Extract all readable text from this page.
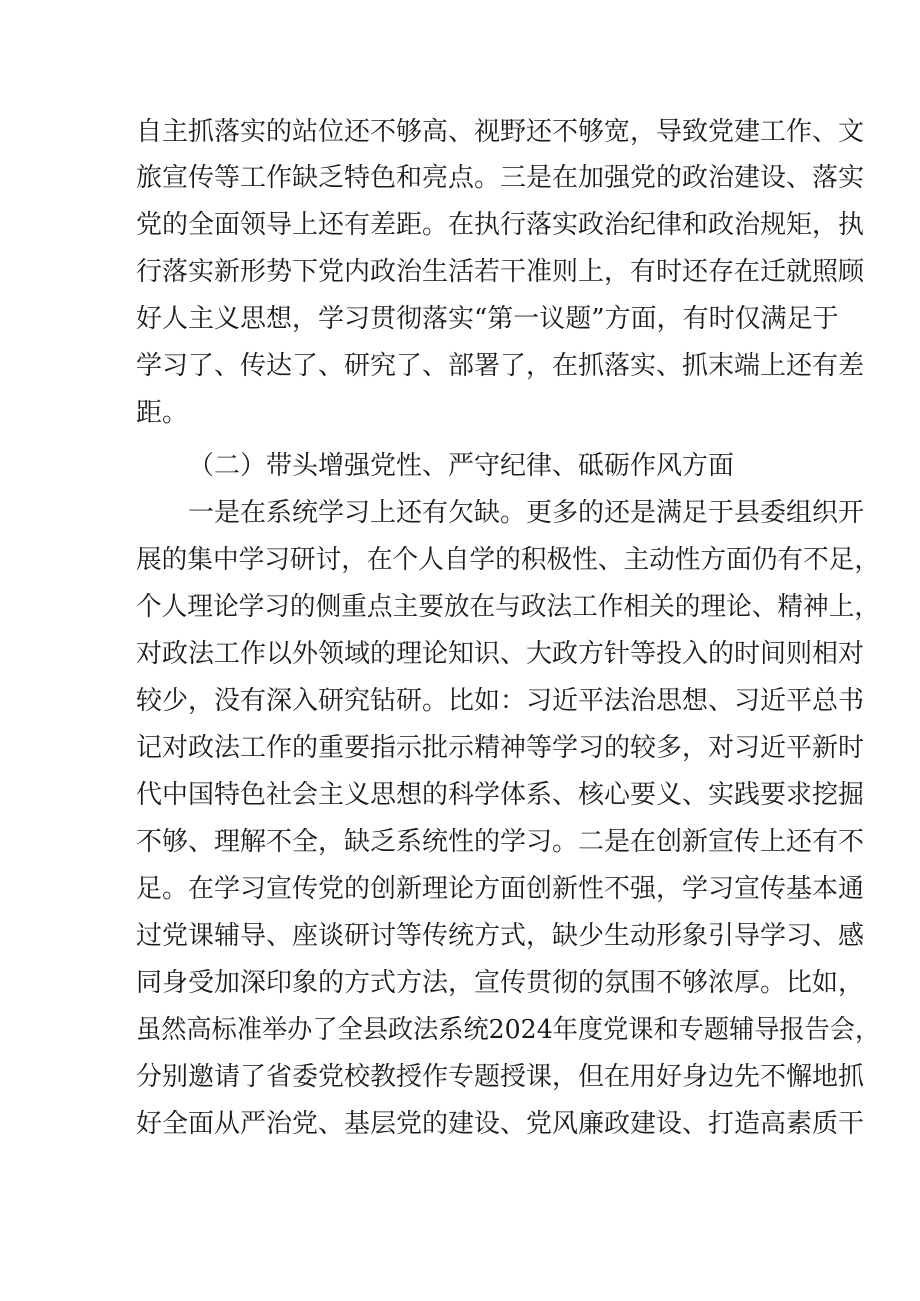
自主抓落实的站位还不够高、视野还不够宽，导致党建工作、文
旅宣传等工作缺乏特色和亮点。三是在加强党的政治建设、落实
党的全面领导上还有差距。在执行落实政治纪律和政治规矩，执
行落实新形势下党内政治生活若干准则上，有时还存在迁就照顾
好人主义思想，学习贯彻落实“第一议题”方面，有时仅满足于
学习了、传达了、研究了、部署了，在抓落实、抓末端上还有差
距。
（二）带头增强党性、严守纪律、砥砺作风方面
一是在系统学习上还有欠缺。更多的还是满足于县委组织开
展的集中学习研讨，在个人自学的积极性、主动性方面仍有不足，
个人理论学习的侧重点主要放在与政法工作相关的理论、精神上，
对政法工作以外领域的理论知识、大政方针等投入的时间则相对
较少，没有深入研究钻研。比如：习近平法治思想、习近平总书
记对政法工作的重要指示批示精神等学习的较多，对习近平新时
代中国特色社会主义思想的科学体系、核心要义、实践要求挖掘
不够、理解不全，缺乏系统性的学习。二是在创新宣传上还有不
足。在学习宣传党的创新理论方面创新性不强，学习宣传基本通
过党课辅导、座谈研讨等传统方式，缺少生动形象引导学习、感
同身受加深印象的方式方法，宣传贯彻的氛围不够浓厚。比如，
虽然高标准举办了全县政法系统2024年度党课和专题辅导报告会，
分别邀请了省委党校教授作专题授课，但在用好身边先不懈地抓
好全面从严治党、基层党的建设、党风廉政建设、打造高素质干
